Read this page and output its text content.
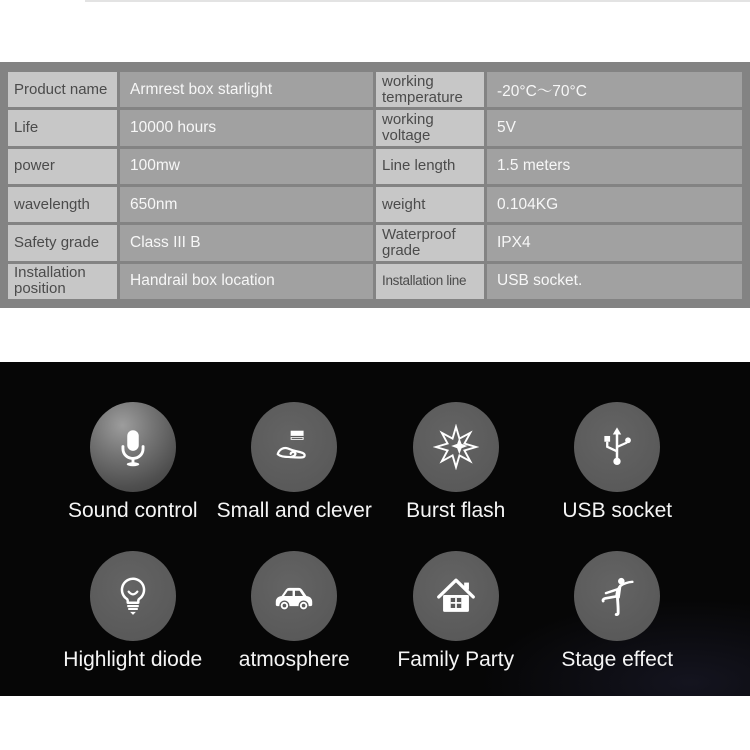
Product name	Armrest box starlight	working temperature	-20°C～70°C
Life	10000 hours	working voltage	5V
power	100mw	Line length	1.5 meters
wavelength	650nm	weight	0.104KG
Safety grade	Class III B	Waterproof grade	IPX4
Installation position	Handrail box location	Installation line	USB socket.
Sound control Small and clever Burst flash	USB socket
Highlight diode atmosphere Family Party Stage effect
